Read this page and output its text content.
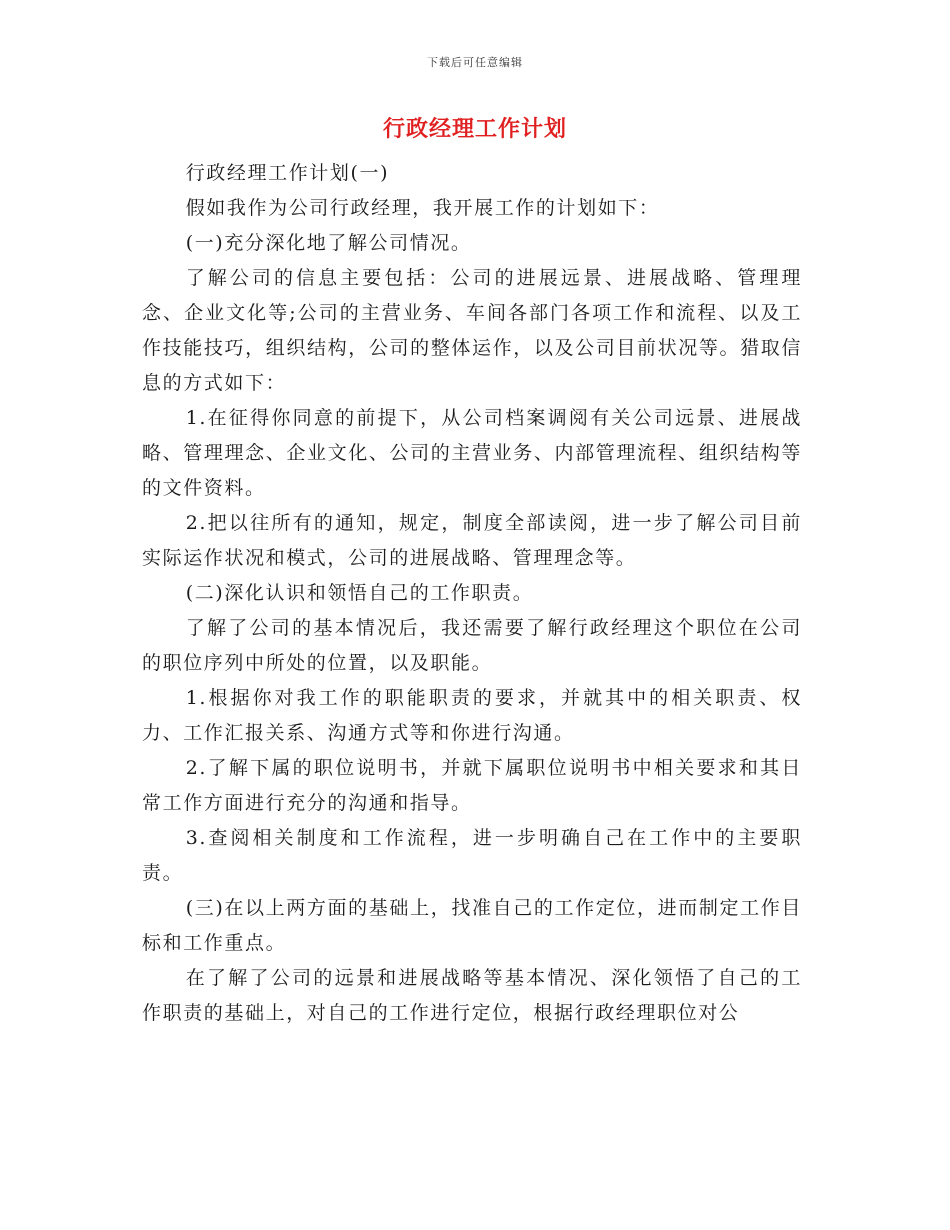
下载后可任意编辑
行政经理工作计划

行政经理工作计划(一)

假如我作为公司行政经理，我开展工作的计划如下：

(一)充分深化地了解公司情况。

了解公司的信息主要包括：公司的进展远景、进展战略、管理理念、企业文化等;公司的主营业务、车间各部门各项工作和流程、以及工作技能技巧，组织结构，公司的整体运作，以及公司目前状况等。猎取信息的方式如下：

1.在征得你同意的前提下，从公司档案调阅有关公司远景、进展战略、管理理念、企业文化、公司的主营业务、内部管理流程、组织结构等的文件资料。

2.把以往所有的通知，规定，制度全部读阅，进一步了解公司目前实际运作状况和模式，公司的进展战略、管理理念等。

(二)深化认识和领悟自己的工作职责。

了解了公司的基本情况后，我还需要了解行政经理这个职位在公司的职位序列中所处的位置，以及职能。

1.根据你对我工作的职能职责的要求，并就其中的相关职责、权力、工作汇报关系、沟通方式等和你进行沟通。

2.了解下属的职位说明书，并就下属职位说明书中相关要求和其日常工作方面进行充分的沟通和指导。

3.查阅相关制度和工作流程，进一步明确自己在工作中的主要职责。

(三)在以上两方面的基础上，找准自己的工作定位，进而制定工作目标和工作重点。

在了解了公司的远景和进展战略等基本情况、深化领悟了自己的工作职责的基础上，对自己的工作进行定位，根据行政经理职位对公
